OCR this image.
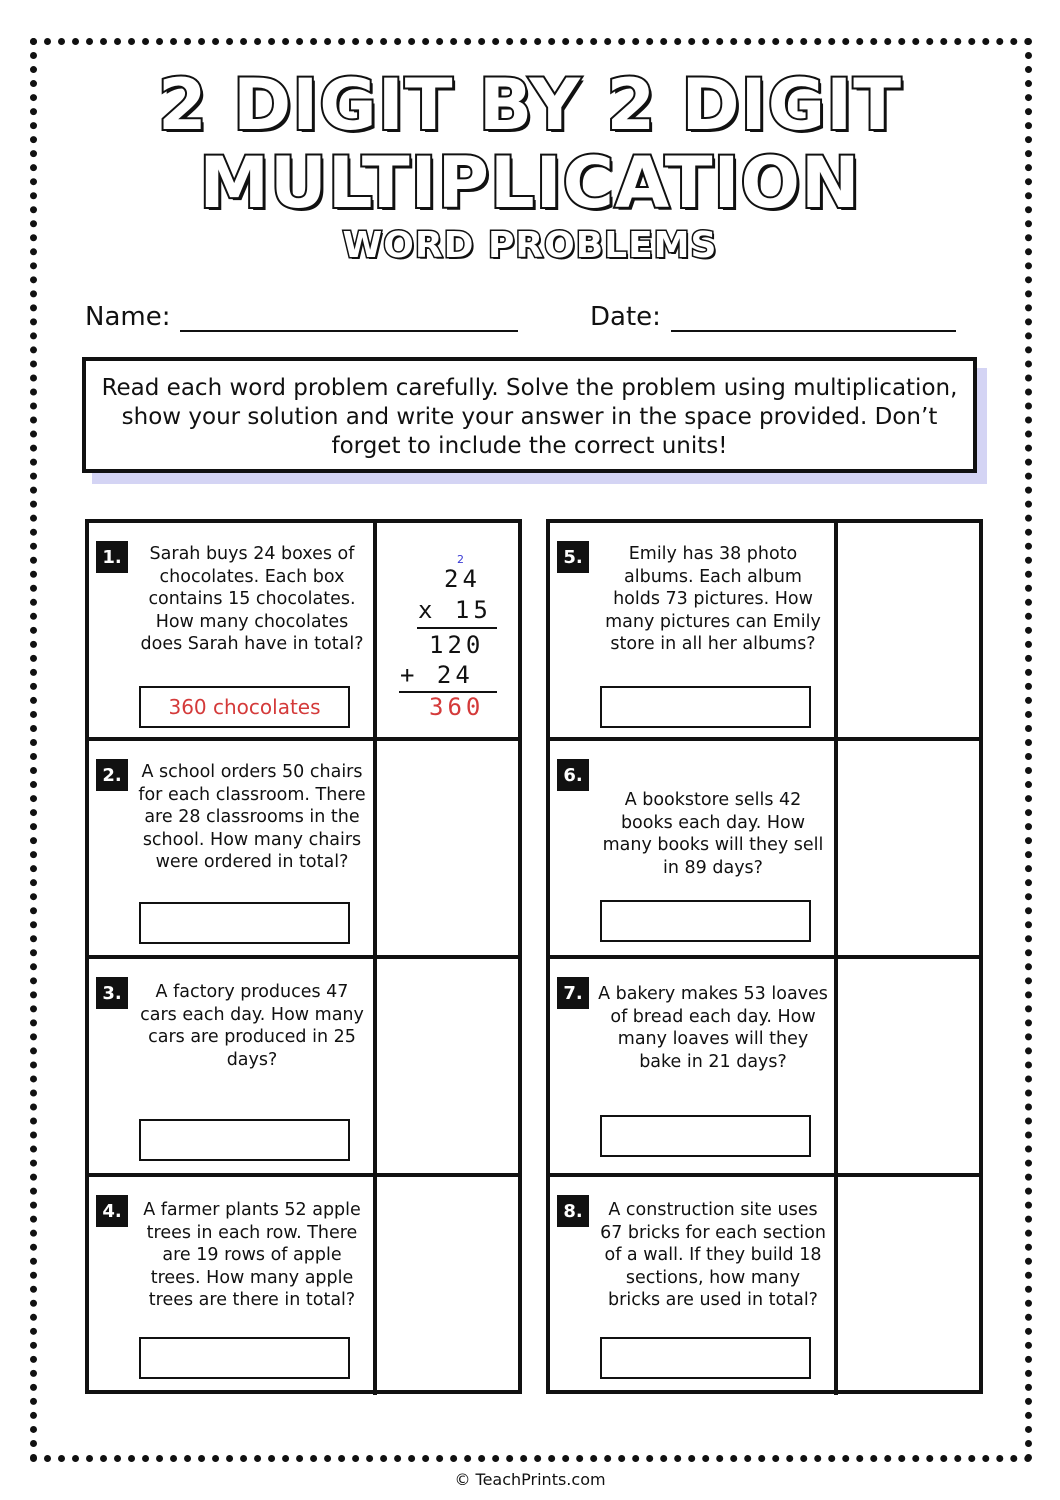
2 DIGIT BY 2 DIGIT
MULTIPLICATION
WORD PROBLEMS
Name:	Date:
Read each word problem carefully. Solve the problem using multiplication, show your solution and write your answer in the space provided. Don’t forget to include the correct units!
1.	Sarah buys 24 boxes of chocolates. Each box contains 15 chocolates. How many chocolates does Sarah have in total?
360 chocolates
2
24
x 15
120
+ 24
360
2.	A school orders 50 chairs for each classroom. There are 28 classrooms in the school. How many chairs were ordered in total?
3.	A factory produces 47 cars each day. How many cars are produced in 25 days?
4.	A farmer plants 52 apple trees in each row. There are 19 rows of apple trees. How many apple trees are there in total?
5.	Emily has 38 photo albums. Each album holds 73 pictures. How many pictures can Emily store in all her albums?
6.
A bookstore sells 42 books each day. How many books will they sell in 89 days?
7. A bakery makes 53 loaves of bread each day. How many loaves will they bake in 21 days?
8.	A construction site uses 67 bricks for each section of a wall. If they build 18 sections, how many bricks are used in total?
© TeachPrints.com
